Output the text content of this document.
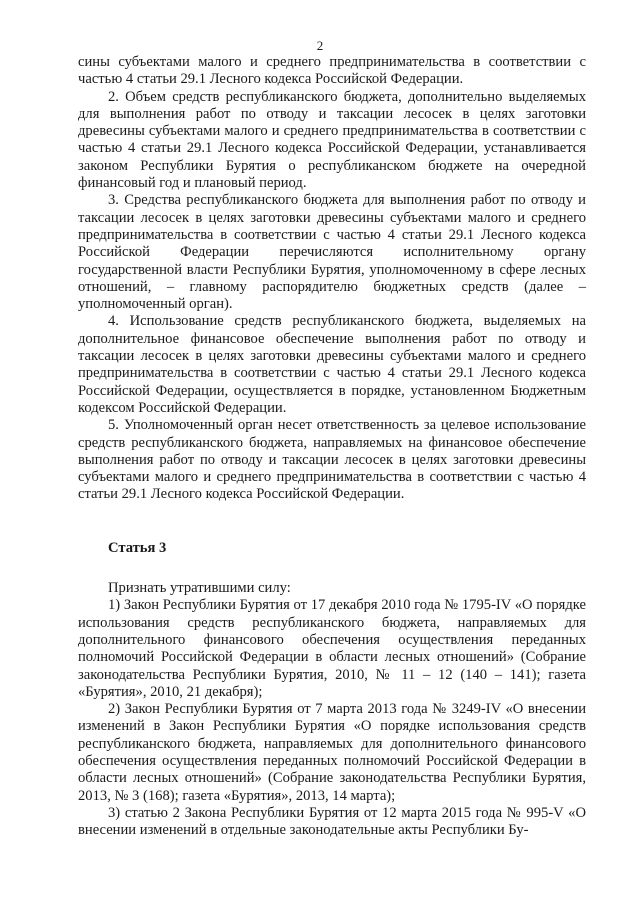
2

сины субъектами малого и среднего предпринимательства в соответствии с частью 4 статьи 29.1 Лесного кодекса Российской Федерации.

2. Объем средств республиканского бюджета, дополнительно выделяемых для выполнения работ по отводу и таксации лесосек в целях заготовки древесины субъектами малого и среднего предпринимательства в соответствии с частью 4 статьи 29.1 Лесного кодекса Российской Федерации, устанавливается законом Республики Бурятия о республиканском бюджете на очередной финансовый год и плановый период.

3. Средства республиканского бюджета для выполнения работ по отводу и таксации лесосек в целях заготовки древесины субъектами малого и среднего предпринимательства в соответствии с частью 4 статьи 29.1 Лесного кодекса Российской Федерации перечисляются исполнительному органу государственной власти Республики Бурятия, уполномоченному в сфере лесных отношений, – главному распорядителю бюджетных средств (далее – уполномоченный орган).

4. Использование средств республиканского бюджета, выделяемых на дополнительное финансовое обеспечение выполнения работ по отводу и таксации лесосек в целях заготовки древесины субъектами малого и среднего предпринимательства в соответствии с частью 4 статьи 29.1 Лесного кодекса Российской Федерации, осуществляется в порядке, установленном Бюджетным кодексом Российской Федерации.

5. Уполномоченный орган несет ответственность за целевое использование средств республиканского бюджета, направляемых на финансовое обеспечение выполнения работ по отводу и таксации лесосек в целях заготовки древесины субъектами малого и среднего предпринимательства в соответствии с частью 4 статьи 29.1 Лесного кодекса Российской Федерации.

Статья 3

Признать утратившими силу:

1) Закон Республики Бурятия от 17 декабря 2010 года № 1795-IV «О порядке использования средств республиканского бюджета, направляемых для дополнительного финансового обеспечения осуществления переданных полномочий Российской Федерации в области лесных отношений» (Собрание законодательства Республики Бурятия, 2010, № 11 – 12 (140 – 141); газета «Бурятия», 2010, 21 декабря);

2) Закон Республики Бурятия от 7 марта 2013 года № 3249-IV «О внесении изменений в Закон Республики Бурятия «О порядке использования средств республиканского бюджета, направляемых для дополнительного финансового обеспечения осуществления переданных полномочий Российской Федерации в области лесных отношений» (Собрание законодательства Республики Бурятия, 2013, № 3 (168); газета «Бурятия», 2013, 14 марта);

3) статью 2 Закона Республики Бурятия от 12 марта 2015 года № 995-V «О внесении изменений в отдельные законодательные акты Республики Бу-
